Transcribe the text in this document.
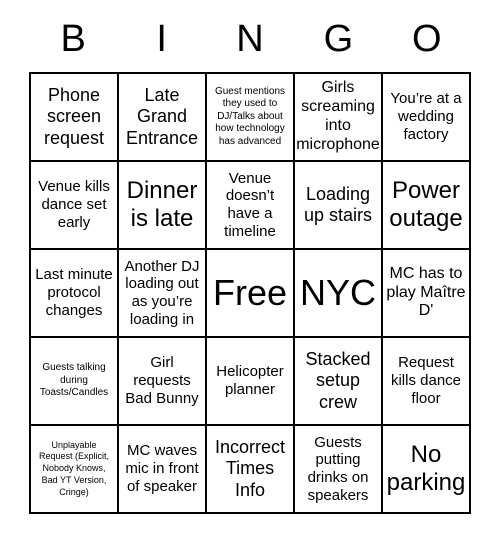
B	I	N	G	O
Phone screen request
Late Grand Entrance
Guest mentions they used to DJ/Talks about how technology has advanced
Girls screaming into microphone
You’re at a wedding factory
Venue kills dance set early
Dinner is late
Venue doesn’t have a timeline
Loading up stairs
Power outage
Last minute protocol changes
Another DJ loading out as you’re loading in
Free NYC MC has to play Maître D'
Guests talking during Toasts/Candles
Girl requests Bad Bunny
Helicopter planner
Stacked setup crew
Request kills dance floor
Unplayable Request (Explicit, Nobody Knows, Bad YT Version, Cringe)
MC waves mic in front of speaker
Incorrect Times Info
Guests putting drinks on speakers
No parking
